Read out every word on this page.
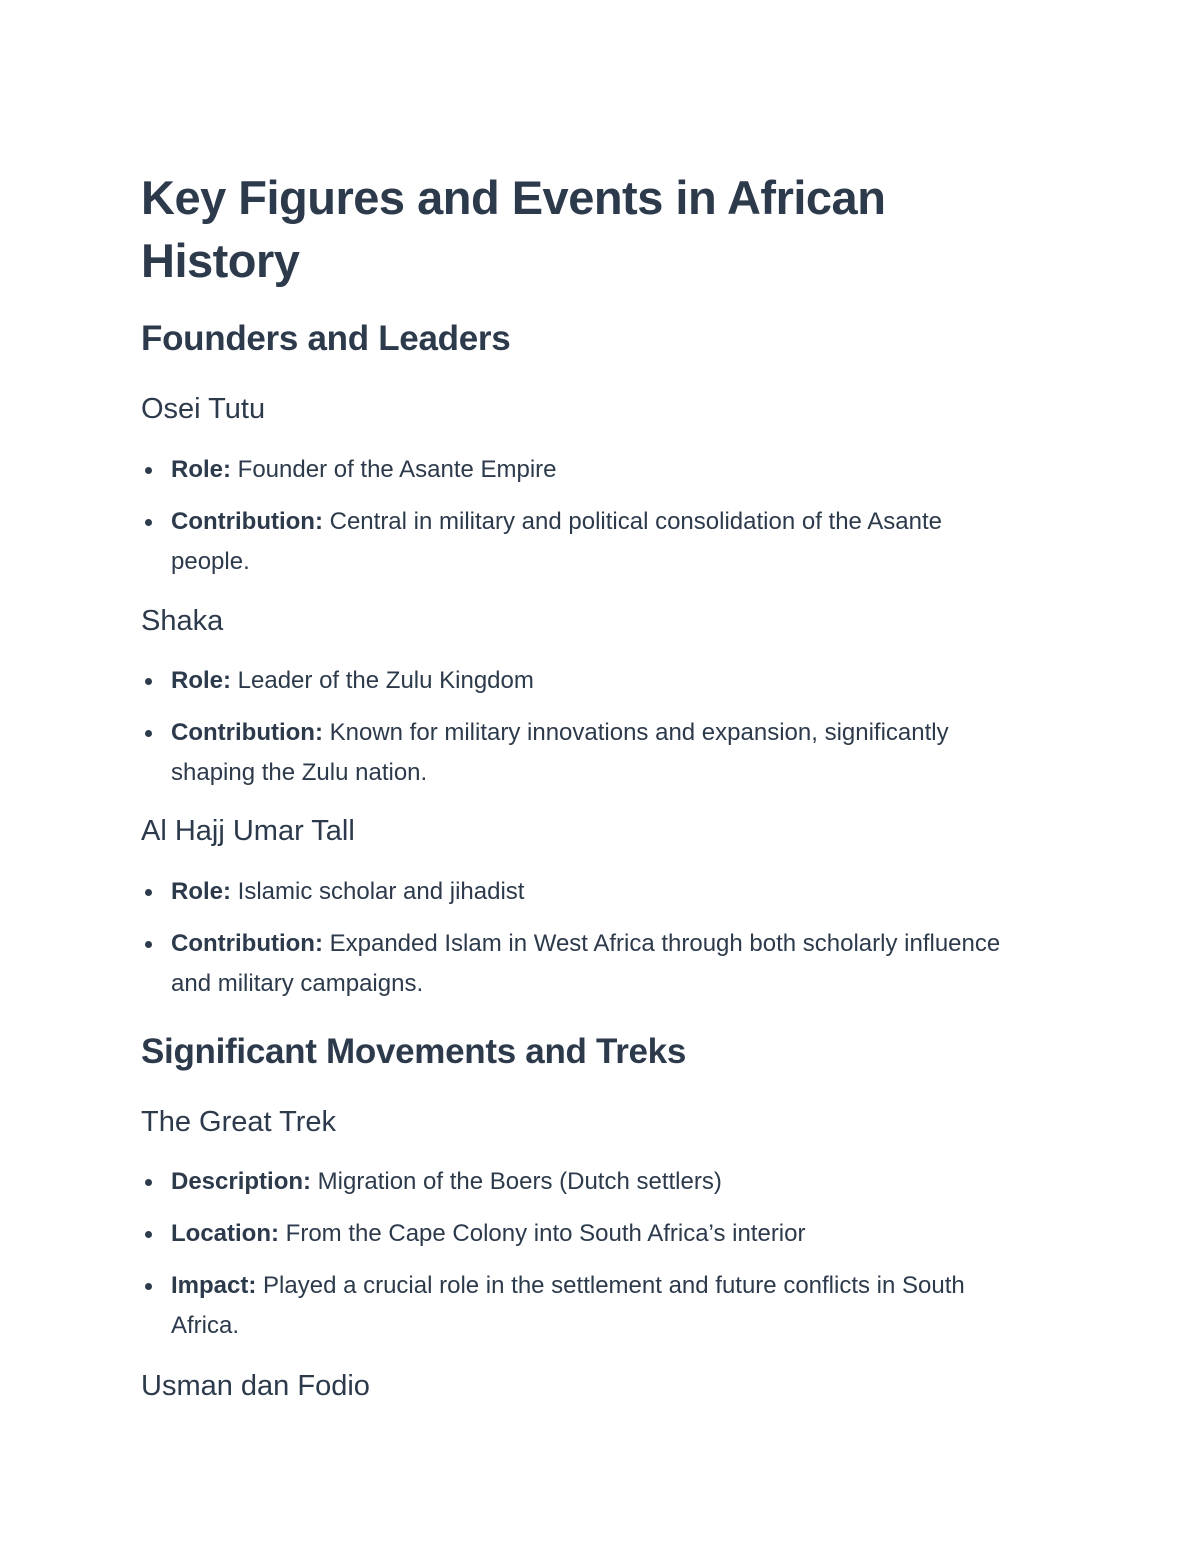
Key Figures and Events in African History
Founders and Leaders
Osei Tutu
Role: Founder of the Asante Empire
Contribution: Central in military and political consolidation of the Asante people.
Shaka
Role: Leader of the Zulu Kingdom
Contribution: Known for military innovations and expansion, significantly shaping the Zulu nation.
Al Hajj Umar Tall
Role: Islamic scholar and jihadist
Contribution: Expanded Islam in West Africa through both scholarly influence and military campaigns.
Significant Movements and Treks
The Great Trek
Description: Migration of the Boers (Dutch settlers)
Location: From the Cape Colony into South Africa’s interior
Impact: Played a crucial role in the settlement and future conflicts in South Africa.
Usman dan Fodio
